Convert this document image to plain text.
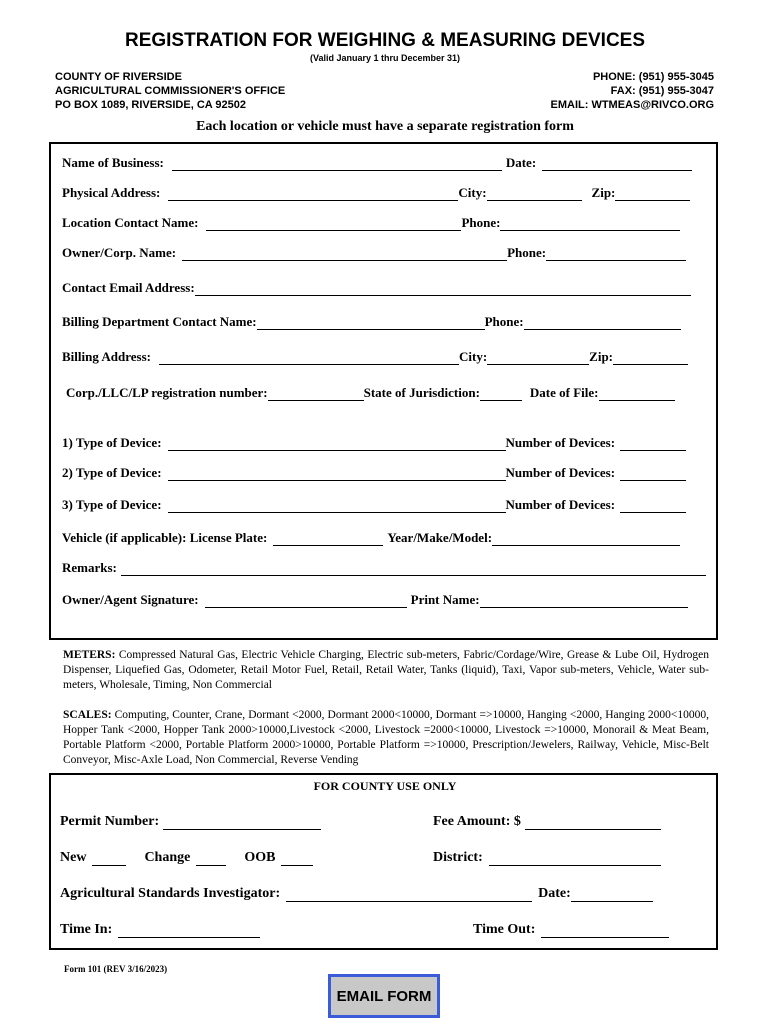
REGISTRATION FOR WEIGHING & MEASURING DEVICES
(Valid January 1 thru December 31)
COUNTY OF RIVERSIDE
AGRICULTURAL COMMISSIONER'S OFFICE
PO BOX 1089, RIVERSIDE, CA 92502
PHONE: (951) 955-3045
FAX: (951) 955-3047
EMAIL: WTMEAS@RIVCO.ORG
Each location or vehicle must have a separate registration form
Name of Business:	Date:
Physical Address:	City:	Zip:
Location Contact Name:	Phone:
Owner/Corp. Name:	Phone:
Contact Email Address:
Billing Department Contact Name:	Phone:
Billing Address:	City:	Zip:
Corp./LLC/LP registration number:	State of Jurisdiction:	Date of File:
1) Type of Device:	Number of Devices:
2) Type of Device:	Number of Devices:
3) Type of Device:	Number of Devices:
Vehicle (if applicable): License Plate:	Year/Make/Model:
Remarks:
Owner/Agent Signature:	Print Name:
METERS: Compressed Natural Gas, Electric Vehicle Charging, Electric sub-meters, Fabric/Cordage/Wire, Grease & Lube Oil, Hydrogen Dispenser, Liquefied Gas, Odometer, Retail Motor Fuel, Retail, Retail Water, Tanks (liquid), Taxi, Vapor sub-meters, Vehicle, Water sub-meters, Wholesale, Timing, Non Commercial
SCALES: Computing, Counter, Crane, Dormant <2000, Dormant 2000<10000, Dormant =>10000, Hanging <2000, Hanging 2000<10000, Hopper Tank <2000, Hopper Tank 2000>10000,Livestock <2000, Livestock =2000<10000, Livestock =>10000, Monorail & Meat Beam, Portable Platform <2000, Portable Platform 2000>10000, Portable Platform =>10000, Prescription/Jewelers, Railway, Vehicle, Misc-Belt Conveyor, Misc-Axle Load, Non Commercial, Reverse Vending
FOR COUNTY USE ONLY
Permit Number:	Fee Amount: $
New	Change	OOB	District:
Agricultural Standards Investigator:	Date:
Time In:	Time Out:
Form 101 (REV 3/16/2023)
EMAIL FORM
